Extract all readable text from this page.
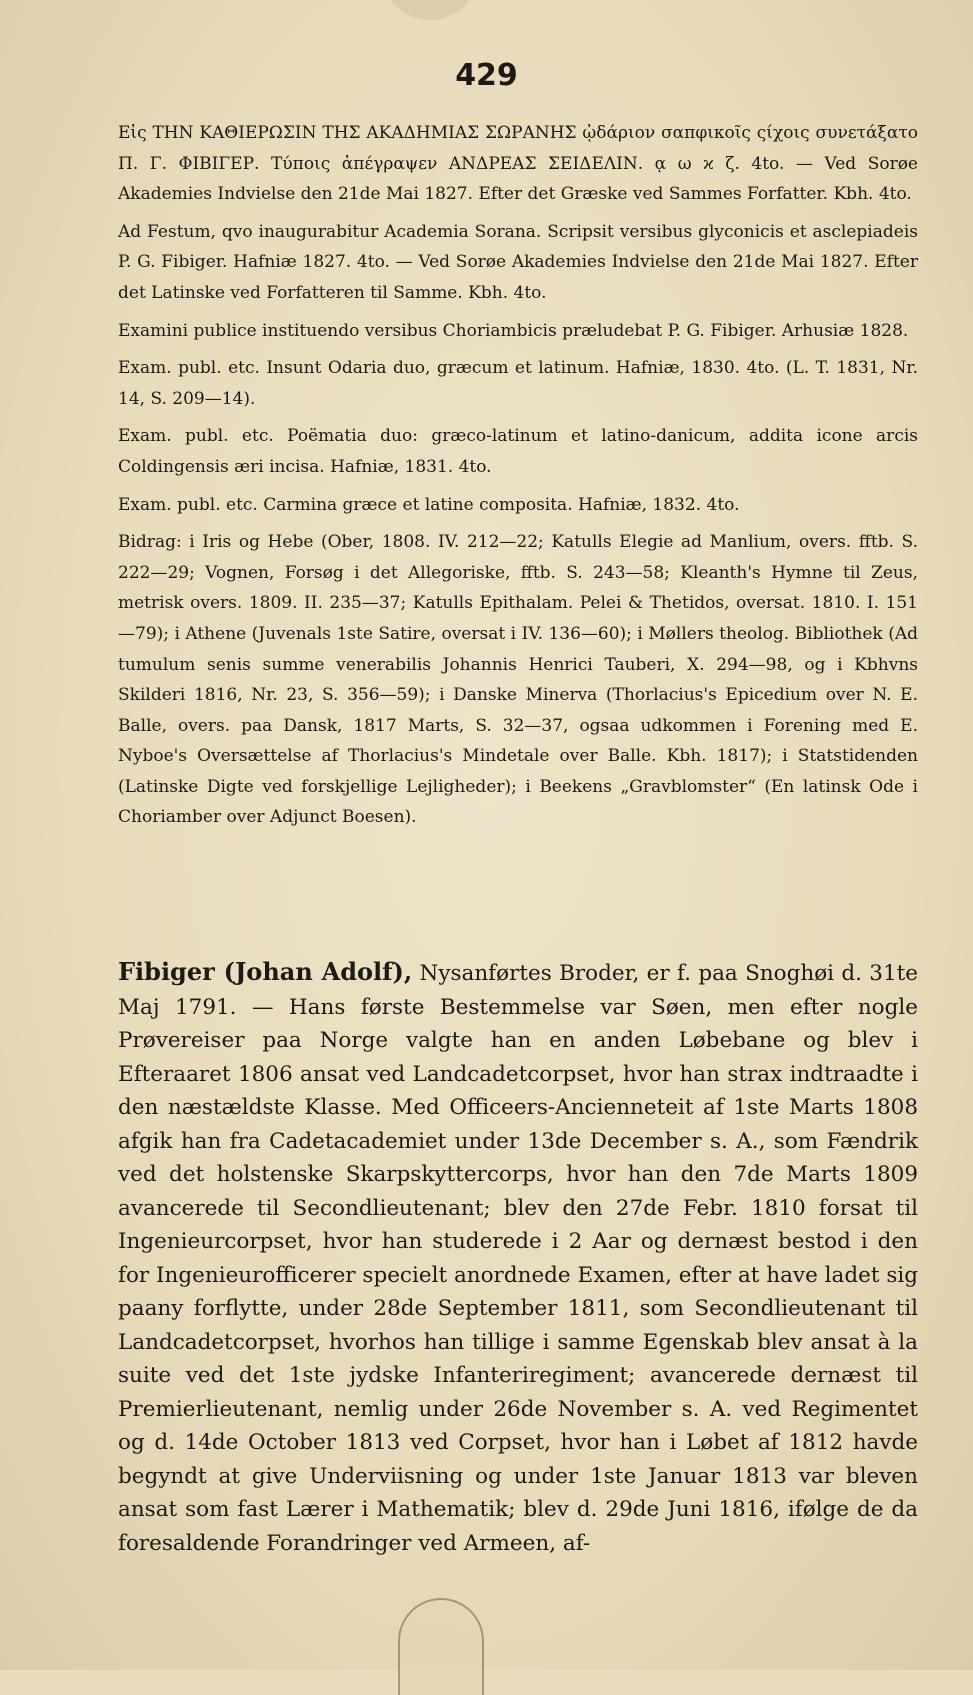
429

Εἰς ΤΗΝ ΚΑΘΙΕΡΩΣΙΝ ΤΗΣ ΑΚΑΔΗΜΙΑΣ ΣΩΡΑΝΗΣ ᾠδάριον σαπφικοῖς ςίχοις συνετάξατο Π. Γ. ΦΙΒΙΓΕΡ. Τύποις ἀπέγραψεν ΑΝΔΡΕΑΣ ΣΕΙΔΕΛΙΝ. ᾳ ω ϰ ζ. 4to. — Ved Sorøe Akademies Indvielse den 21de Mai 1827. Efter det Græske ved Sammes Forfatter. Kbh. 4to.

Ad Festum, qvo inaugurabitur Academia Sorana. Scripsit versibus glyconicis et asclepiadeis P. G. Fibiger. Hafniæ 1827. 4to. — Ved Sorøe Akademies Indvielse den 21de Mai 1827. Efter det Latinske ved Forfatteren til Samme. Kbh. 4to.

Examini publice instituendo versibus Choriambicis præludebat P. G. Fibiger. Arhusiæ 1828.

Exam. publ. etc. Insunt Odaria duo, græcum et latinum. Hafniæ, 1830. 4to. (L. T. 1831, Nr. 14, S. 209—14).

Exam. publ. etc. Poëmatia duo: græco-latinum et latino-danicum, addita icone arcis Coldingensis æri incisa. Hafniæ, 1831. 4to.

Exam. publ. etc. Carmina græce et latine composita. Hafniæ, 1832. 4to.

Bidrag: i Iris og Hebe (Ober, 1808. IV. 212—22; Katulls Elegie ad Manlium, overs. fftb. S. 222—29; Vognen, Forsøg i det Allegoriske, fftb. S. 243—58; Kleanth's Hymne til Zeus, metrisk overs. 1809. II. 235—37; Katulls Epithalam. Pelei & Thetidos, oversat. 1810. I. 151—79); i Athene (Juvenals 1ste Satire, oversat i IV. 136—60); i Møllers theolog. Bibliothek (Ad tumulum senis summe venerabilis Johannis Henrici Tauberi, X. 294—98, og i Kbhvns Skilderi 1816, Nr. 23, S. 356—59); i Danske Minerva (Thorlacius's Epicedium over N. E. Balle, overs. paa Dansk, 1817 Marts, S. 32—37, ogsaa udkommen i Forening med E. Nyboe's Oversættelse af Thorlacius's Mindetale over Balle. Kbh. 1817); i Statstidenden (Latinske Digte ved forskjellige Lejligheder); i Beekens „Gravblomster“ (En latinsk Ode i Choriamber over Adjunct Boesen).

Fibiger (Johan Adolf), Nysanførtes Broder, er f. paa Snoghøi d. 31te Maj 1791. — Hans første Bestemmelse var Søen, men efter nogle Prøvereiser paa Norge valgte han en anden Løbebane og blev i Efteraaret 1806 ansat ved Landcadetcorpset, hvor han strax indtraadte i den næstældste Klasse. Med Officeers-Ancienneteit af 1ste Marts 1808 afgik han fra Cadetacademiet under 13de December s. A., som Fændrik ved det holstenske Skarpskyttercorps, hvor han den 7de Marts 1809 avancerede til Secondlieutenant; blev den 27de Febr. 1810 forsat til Ingenieurcorpset, hvor han studerede i 2 Aar og dernæst bestod i den for Ingenieurofficerer specielt anordnede Examen, efter at have ladet sig paany forflytte, under 28de September 1811, som Secondlieutenant til Landcadetcorpset, hvorhos han tillige i samme Egenskab blev ansat à la suite ved det 1ste jydske Infanteriregiment; avancerede dernæst til Premierlieutenant, nemlig under 26de November s. A. ved Regimentet og d. 14de October 1813 ved Corpset, hvor han i Løbet af 1812 havde begyndt at give Underviisning og under 1ste Januar 1813 var bleven ansat som fast Lærer i Mathematik; blev d. 29de Juni 1816, ifølge de da foresaldende Forandringer ved Armeen, af-
